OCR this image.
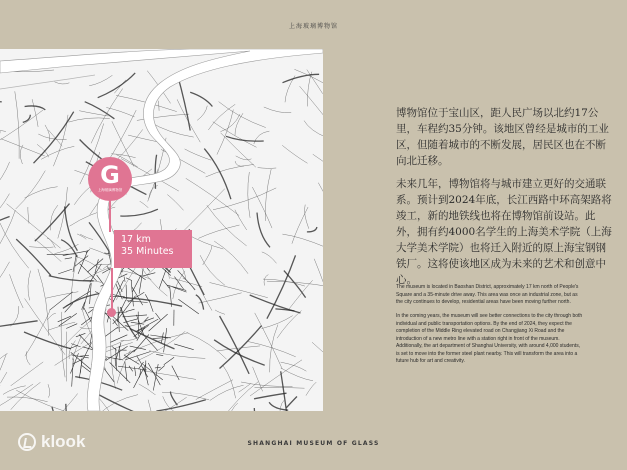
上海玻璃博物馆
G
上海玻璃博物馆
17 km
35 Minutes
博物馆位于宝山区，距人民广场以北约17公
里，车程约35分钟。该地区曾经是城市的工业
区，但随着城市的不断发展，居民区也在不断
向北迁移。
未来几年，博物馆将与城市建立更好的交通联
系。预计到2024年底，长江西路中环高架路将
竣工，新的地铁线也将在博物馆前设站。此
外，拥有约4000名学生的上海美术学院（上海
大学美术学院）也将迁入附近的原上海宝钢钢
铁厂。这将使该地区成为未来的艺术和创意中
心。
The museum is located in Baoshan District, approximately 17 km north of People's
Square and a 35-minute drive away. This area was once an industrial zone, but as
the city continues to develop, residential areas have been moving further north.
In the coming years, the museum will see better connections to the city through both
individual and public transportation options. By the end of 2024, they expect the
completion of the Middle Ring elevated road on Changjiang Xi Road and the
introduction of a new metro line with a station right in front of the museum.
Additionally, the art department of Shanghai University, with around 4,000 students,
is set to move into the former steel plant nearby. This will transform the area into a
future hub for art and creativity.
klook	SHANGHAI MUSEUM OF GLASS
